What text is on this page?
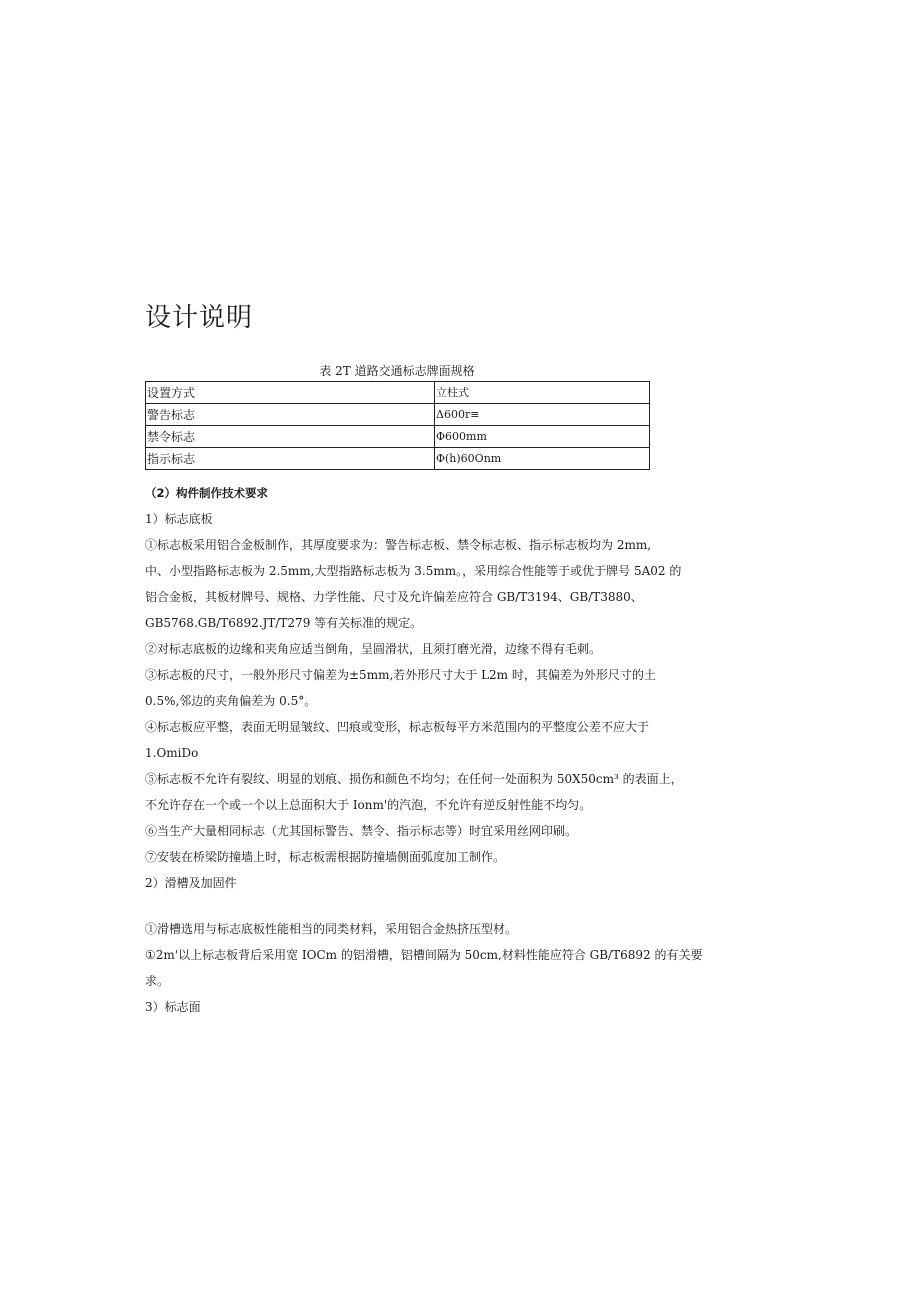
设计说明
表 2T 道路交通标志牌面规格
设置方式	立柱式
警告标志	Δ600r≡
禁令标志	Φ600mm
指示标志	Φ(h)60Onm

（2）构件制作技术要求

1）标志底板

①标志板采用铝合金板制作，其厚度要求为：警告标志板、禁令标志板、指示标志板均为 2mm,

中、小型指路标志板为 2.5mm,大型指路标志板为 3.5mm。，采用综合性能等于或优于牌号 5A02 的

铝合金板，其板材牌号、规格、力学性能、尺寸及允许偏差应符合 GB/T3194、GB/T3880、

GB5768.GB/T6892.JT/T279 等有关标准的规定。

②对标志底板的边缘和夹角应适当倒角，呈圆滑状，且须打磨光滑，边缘不得有毛刺。

③标志板的尺寸，一般外形尺寸偏差为±5mm,若外形尺寸大于 L2m 时，其偏差为外形尺寸的土

0.5%,邻边的夹角偏差为 0.5°。

④标志板应平整，表面无明显皱纹、凹痕或变形，标志板每平方米范围内的平整度公差不应大于

1.OmiDo

⑤标志板不允许有裂纹、明显的划痕、损伤和颜色不均匀；在任何一处面积为 50X50cm³ 的表面上，

不允许存在一个或一个以上总面积大于 Ionm'的汽泡，不允许有逆反射性能不均匀。

⑥当生产大量相同标志（尤其国标警告、禁令、指示标志等）时宜采用丝网印刷。

⑦安装在桥梁防撞墙上时，标志板需根据防撞墙侧面弧度加工制作。

2）滑槽及加固件

①滑槽选用与标志底板性能相当的同类材料，采用铝合金热挤压型材。

①2m'以上标志板背后采用宽 IOCm 的铝滑槽，铝槽间隔为 50cm,材料性能应符合 GB/T6892 的有关要

求。

3）标志面
